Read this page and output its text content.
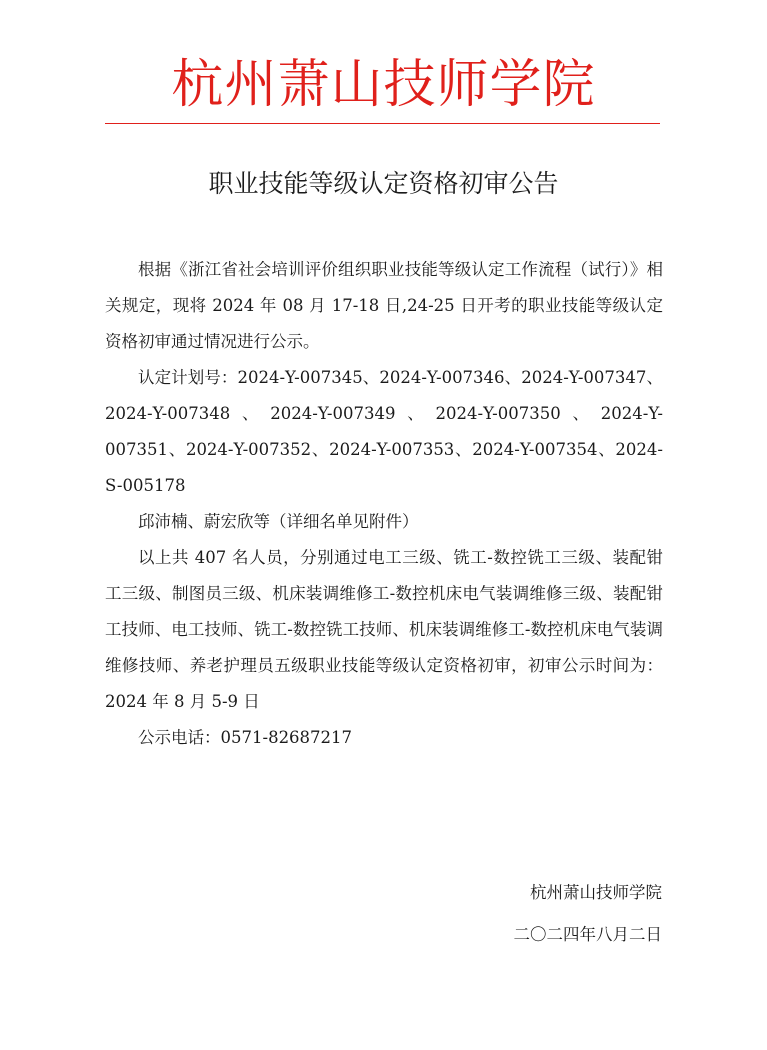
杭州萧山技师学院
职业技能等级认定资格初审公告

根据《浙江省社会培训评价组织职业技能等级认定工作流程（试行）》相关规定，现将 2024 年 08 月 17-18 日,24-25 日开考的职业技能等级认定资格初审通过情况进行公示。

认定计划号：2024-Y-007345、2024-Y-007346、2024-Y-007347、2024-Y-007348、2024-Y-007349、2024-Y-007350、2024-Y-007351、2024-Y-007352、2024-Y-007353、2024-Y-007354、2024-S-005178

邱沛楠、蔚宏欣等（详细名单见附件）

以上共 407 名人员，分别通过电工三级、铣工-数控铣工三级、装配钳工三级、制图员三级、机床装调维修工-数控机床电气装调维修三级、装配钳工技师、电工技师、铣工-数控铣工技师、机床装调维修工-数控机床电气装调维修技师、养老护理员五级职业技能等级认定资格初审，初审公示时间为：2024 年 8 月 5-9 日

公示电话：0571-82687217

杭州萧山技师学院
二〇二四年八月二日
